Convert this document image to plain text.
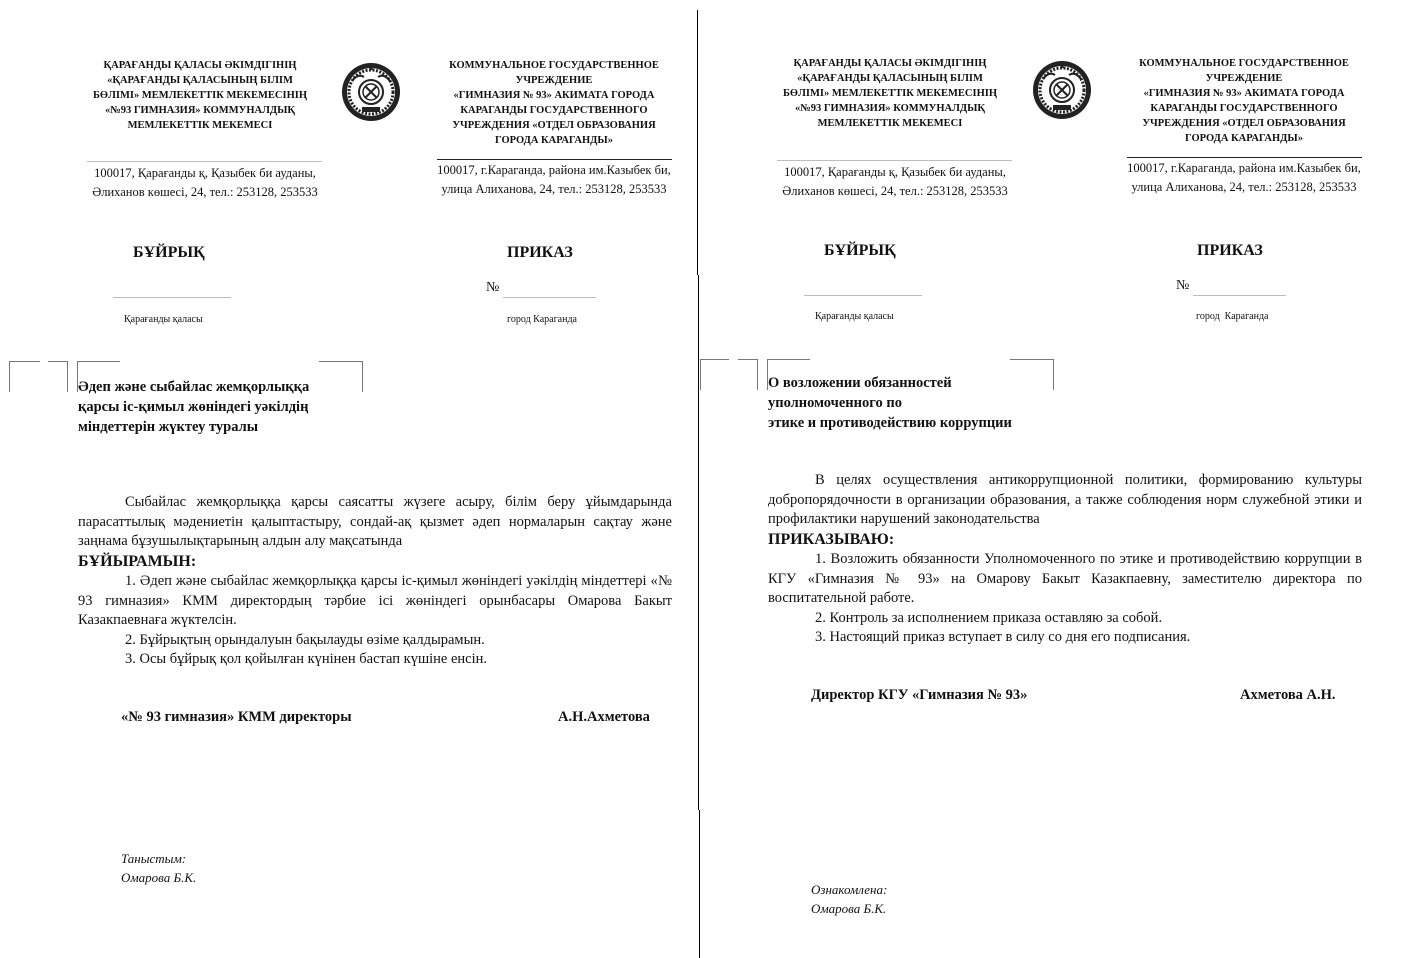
ҚАРАҒАНДЫ ҚАЛАСЫ ӘКІМДІГІНІҢ
«ҚАРАҒАНДЫ ҚАЛАСЫНЫҢ БІЛІМ
БӨЛІМІ» МЕМЛЕКЕТТІК МЕКЕМЕСІНІҢ
«№93 ГИМНАЗИЯ» КОММУНАЛДЫҚ
МЕМЛЕКЕТТІК МЕКЕМЕСІ
100017, Қарағанды қ, Қазыбек би ауданы,
Әлиханов көшесі, 24, тел.: 253128, 253533
КОММУНАЛЬНОЕ ГОСУДАРСТВЕННОЕ
УЧРЕЖДЕНИЕ
«ГИМНАЗИЯ № 93» АКИМАТА ГОРОДА
КАРАГАНДЫ ГОСУДАРСТВЕННОГО
УЧРЕЖДЕНИЯ «ОТДЕЛ ОБРАЗОВАНИЯ
ГОРОДА КАРАГАНДЫ»
100017, г.Караганда, района им.Казыбек би,
улица Алиханова, 24, тел.: 253128, 253533
БҰЙРЫҚ	ПРИКАЗ
№
Қарағанды қаласы	город Караганда
Әдеп және сыбайлас жемқорлыққа
қарсы іс-қимыл жөніндегі уәкілдің
міндеттерін жүктеу туралы

Сыбайлас жемқорлыққа қарсы саясатты жүзеге асыру, білім беру ұйымдарында парасаттылық мәдениетін қалыптастыру, сондай-ақ қызмет әдеп нормаларын сақтау және заңнама бұзушылықтарының алдын алу мақсатында
БҰЙЫРАМЫН:

1. Әдеп және сыбайлас жемқорлыққа қарсы іс-қимыл жөніндегі уәкілдің міндеттері «№ 93 гимназия» КММ директордың тәрбие ісі жөніндегі орынбасары Омарова Бакыт Казакпаевнаға жүктелсін.

2. Бұйрықтың орындалуын бақылауды өзіме қалдырамын.

3. Осы бұйрық қол қойылған күнінен бастап күшіне енсін.

«№ 93 гимназия» КММ директоры	А.Н.Ахметова
Таныстым:
Омарова Б.К.
ҚАРАҒАНДЫ ҚАЛАСЫ ӘКІМДІГІНІҢ
«ҚАРАҒАНДЫ ҚАЛАСЫНЫҢ БІЛІМ
БӨЛІМІ» МЕМЛЕКЕТТІК МЕКЕМЕСІНІҢ
«№93 ГИМНАЗИЯ» КОММУНАЛДЫҚ
МЕМЛЕКЕТТІК МЕКЕМЕСІ
100017, Қарағанды қ, Қазыбек би ауданы,
Әлиханов көшесі, 24, тел.: 253128, 253533
КОММУНАЛЬНОЕ ГОСУДАРСТВЕННОЕ
УЧРЕЖДЕНИЕ
«ГИМНАЗИЯ № 93» АКИМАТА ГОРОДА
КАРАГАНДЫ ГОСУДАРСТВЕННОГО
УЧРЕЖДЕНИЯ «ОТДЕЛ ОБРАЗОВАНИЯ
ГОРОДА КАРАГАНДЫ»
100017, г.Караганда, района им.Казыбек би,
улица Алиханова, 24, тел.: 253128, 253533
БҰЙРЫҚ	ПРИКАЗ
№
Қарағанды қаласы	город  Караганда
О возложении обязанностей
уполномоченного по
этике и противодействию коррупции

В целях осуществления антикоррупционной политики, формированию культуры добропорядочности в организации образования, а также соблюдения норм служебной этики и профилактики нарушений законодательства
ПРИКАЗЫВАЮ:

1. Возложить обязанности Уполномоченного по этике и противодействию коррупции в КГУ «Гимназия № 93» на Омарову Бакыт Казакпаевну, заместителю директора по воспитательной работе.

2. Контроль за исполнением приказа оставляю за собой.

3. Настоящий приказ вступает в силу со дня его подписания.

Директор КГУ «Гимназия № 93»	Ахметова А.Н.
Ознакомлена:
Омарова Б.К.
